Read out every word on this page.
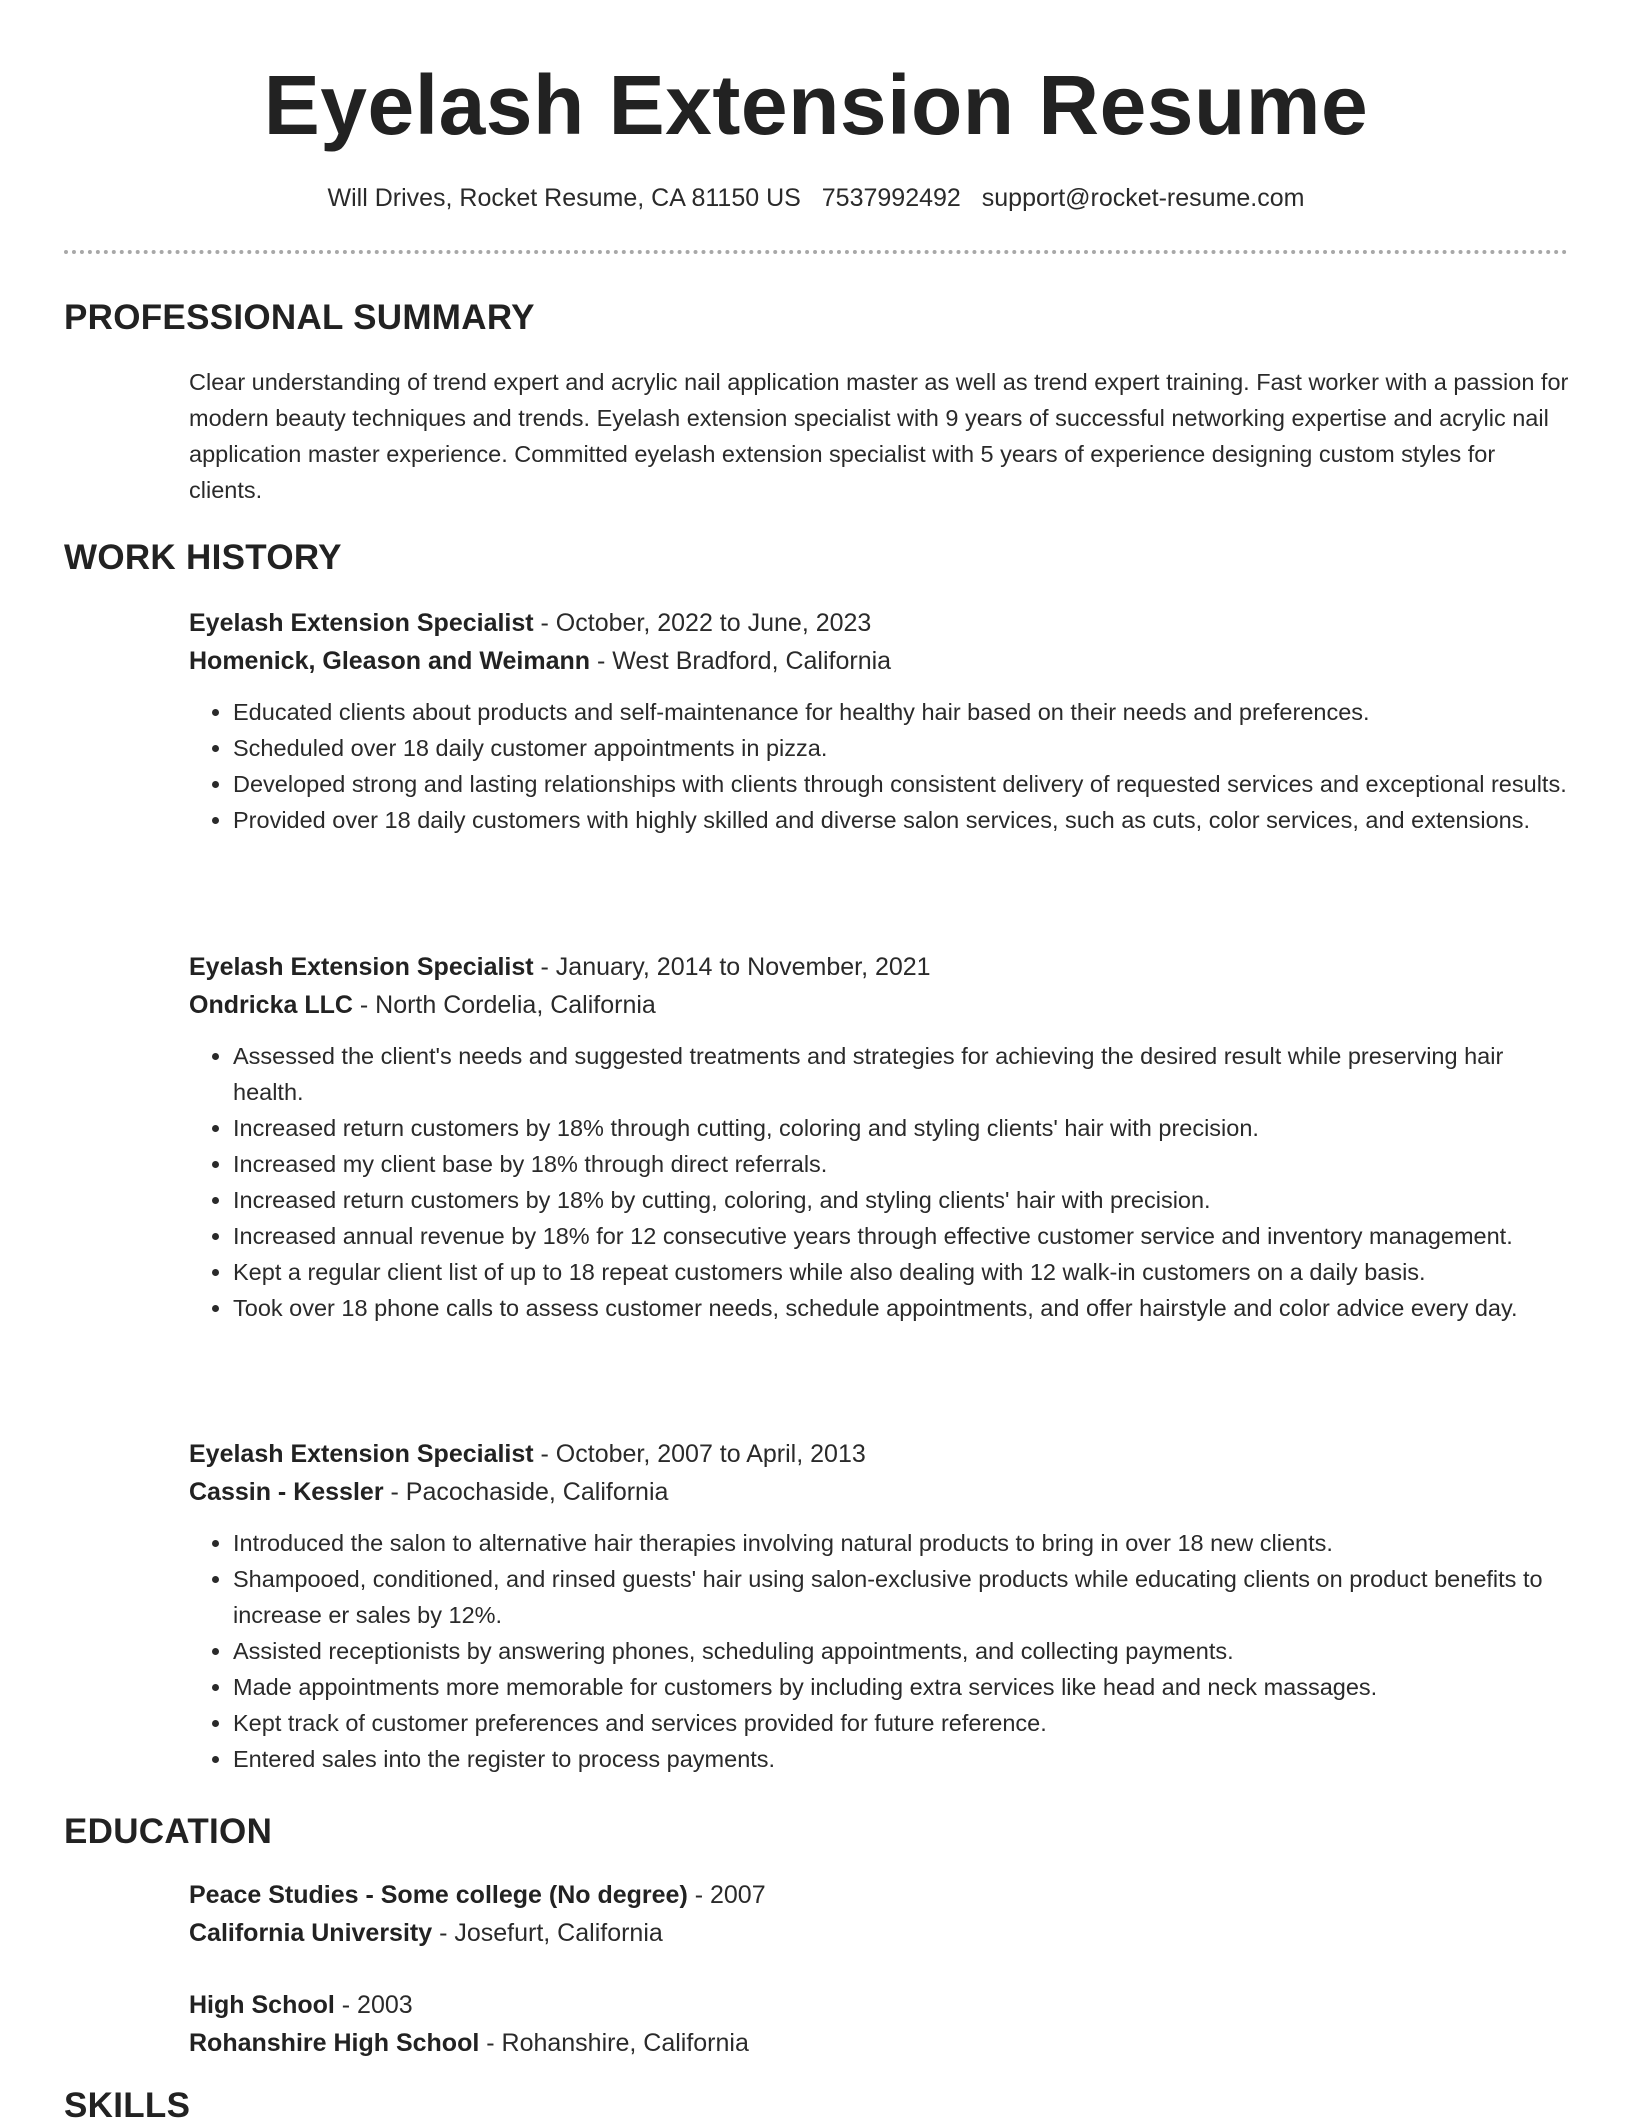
Eyelash Extension Resume
Will Drives, Rocket Resume, CA 81150 US 7537992492 support@rocket-resume.com
PROFESSIONAL SUMMARY

Clear understanding of trend expert and acrylic nail application master as well as trend expert training. Fast worker with a passion for modern beauty techniques and trends. Eyelash extension specialist with 9 years of successful networking expertise and acrylic nail application master experience. Committed eyelash extension specialist with 5 years of experience designing custom styles for clients.

WORK HISTORY
Eyelash Extension Specialist - October, 2022 to June, 2023
Homenick, Gleason and Weimann - West Bradford, California
• Educated clients about products and self-maintenance for healthy hair based on their needs and preferences.
• Scheduled over 18 daily customer appointments in pizza.
• Developed strong and lasting relationships with clients through consistent delivery of requested services and exceptional results.
• Provided over 18 daily customers with highly skilled and diverse salon services, such as cuts, color services, and extensions.
Eyelash Extension Specialist - January, 2014 to November, 2021
Ondricka LLC - North Cordelia, California
• Assessed the client's needs and suggested treatments and strategies for achieving the desired result while preserving hair health.
• Increased return customers by 18% through cutting, coloring and styling clients' hair with precision.
• Increased my client base by 18% through direct referrals.
• Increased return customers by 18% by cutting, coloring, and styling clients' hair with precision.
• Increased annual revenue by 18% for 12 consecutive years through effective customer service and inventory management.
• Kept a regular client list of up to 18 repeat customers while also dealing with 12 walk-in customers on a daily basis.
• Took over 18 phone calls to assess customer needs, schedule appointments, and offer hairstyle and color advice every day.
Eyelash Extension Specialist - October, 2007 to April, 2013
Cassin - Kessler - Pacochaside, California
• Introduced the salon to alternative hair therapies involving natural products to bring in over 18 new clients.
• Shampooed, conditioned, and rinsed guests' hair using salon-exclusive products while educating clients on product benefits to increase er sales by 12%.
• Assisted receptionists by answering phones, scheduling appointments, and collecting payments.
• Made appointments more memorable for customers by including extra services like head and neck massages.
• Kept track of customer preferences and services provided for future reference.
• Entered sales into the register to process payments.
EDUCATION
Peace Studies - Some college (No degree) - 2007
California University - Josefurt, California
High School - 2003
Rohanshire High School - Rohanshire, California
SKILLS
